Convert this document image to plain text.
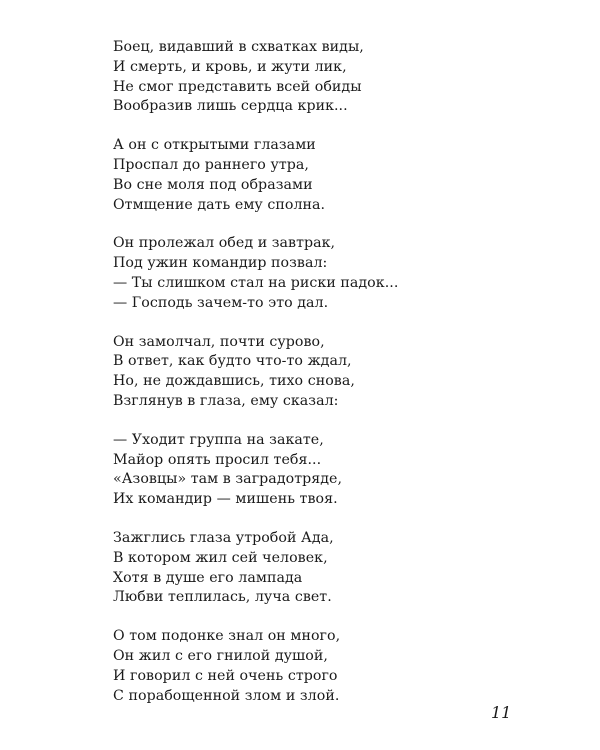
Боец, видавший в схватках виды,
И смерть, и кровь, и жути лик,
Не смог представить всей обиды
Вообразив лишь сердца крик...
А он с открытыми глазами
Проспал до раннего утра,
Во сне моля под образами
Отмщение дать ему сполна.
Он пролежал обед и завтрак,
Под ужин командир позвал:
— Ты слишком стал на риски падок...
— Господь зачем-то это дал.
Он замолчал, почти сурово,
В ответ, как будто что-то ждал,
Но, не дождавшись, тихо снова,
Взглянув в глаза, ему сказал:
— Уходит группа на закате,
Майор опять просил тебя...
«Азовцы» там в заградотряде,
Их командир — мишень твоя.
Зажглись глаза утробой Ада,
В котором жил сей человек,
Хотя в душе его лампада
Любви теплилась, луча свет.
О том подонке знал он много,
Он жил с его гнилой душой,
И говорил с ней очень строго
С порабощенной злом и злой.
11
